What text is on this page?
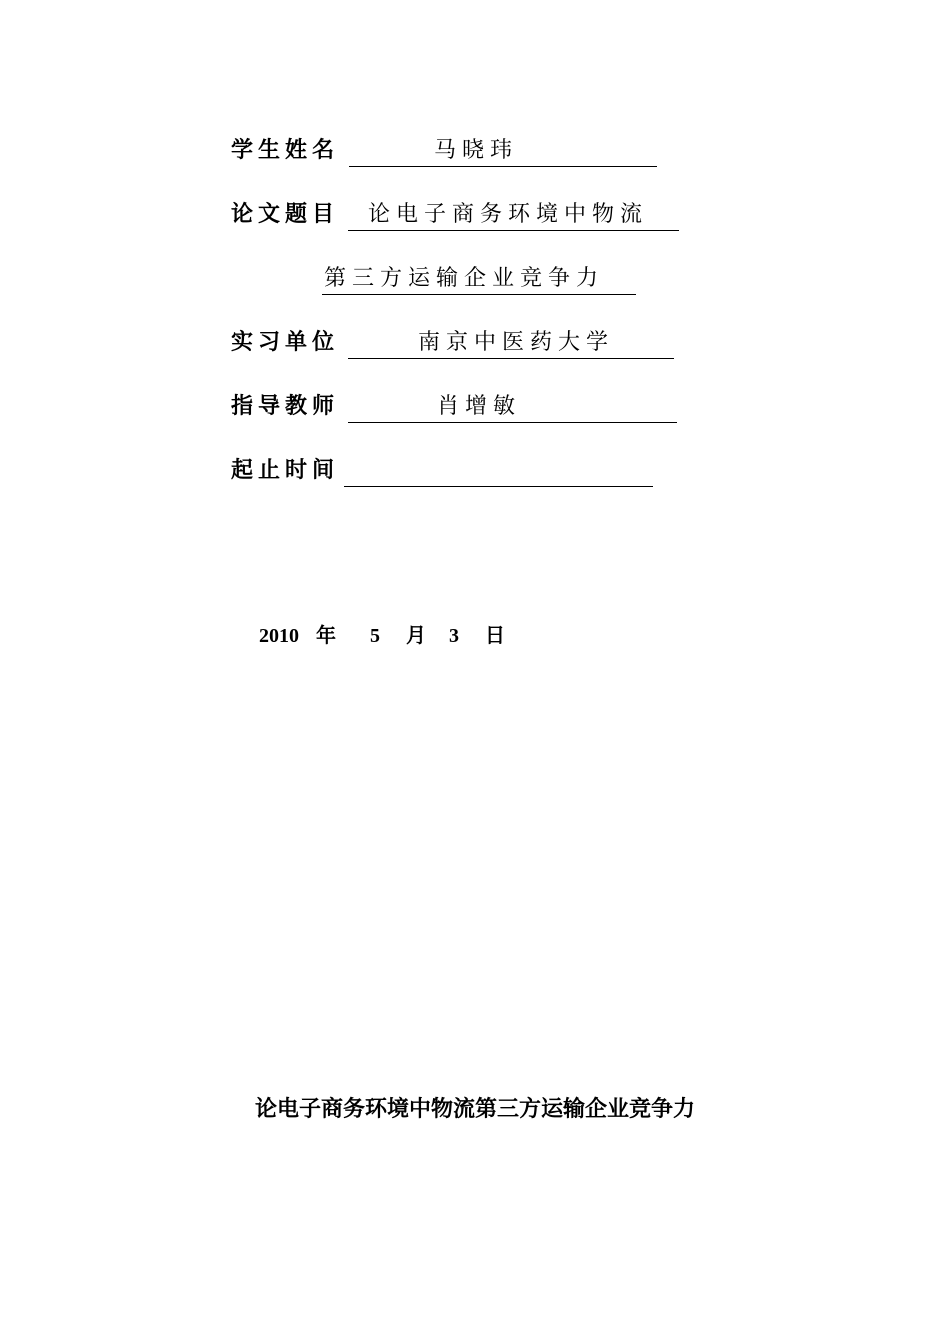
学生姓名	马晓玮
论文题目 论电子商务环境中物流
第三方运输企业竞争力
实习单位	南京中医药大学
指导教师	肖增敏
起止时间
2010 年 5 月 3 日
论电子商务环境中物流第三方运输企业竞争力
